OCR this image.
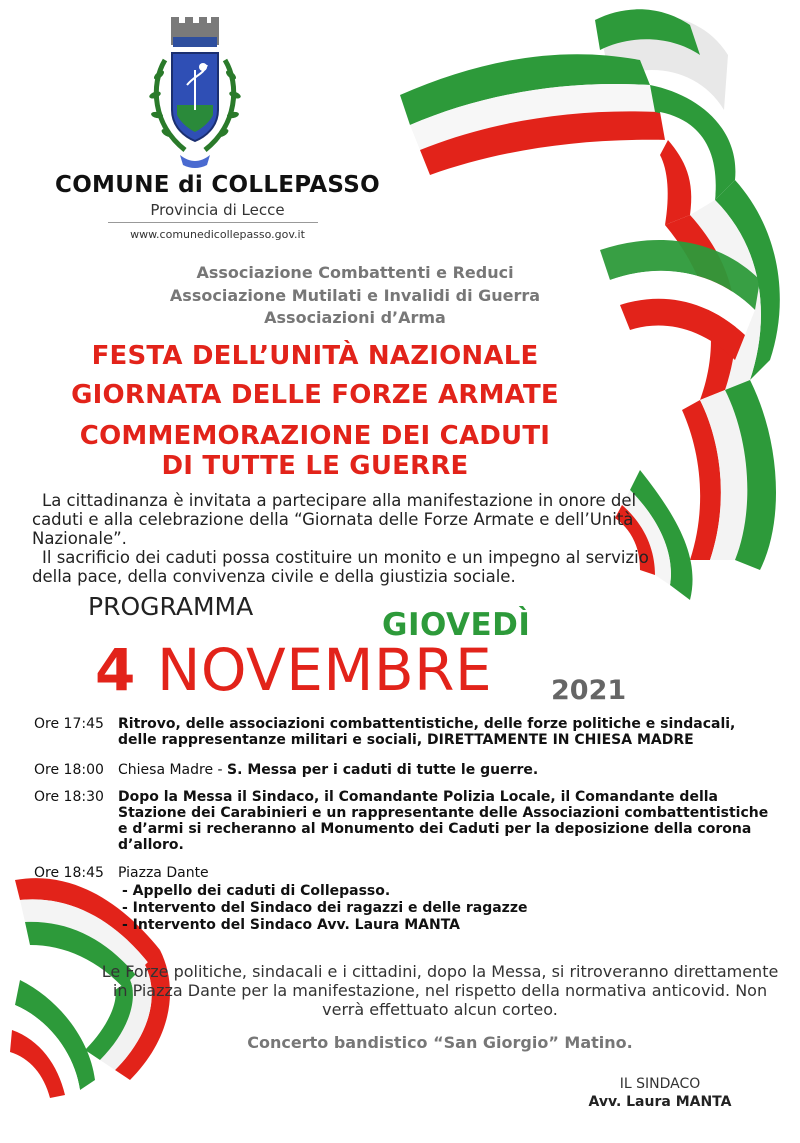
COMUNE di COLLEPASSO
Provincia di Lecce
www.comunedicollepasso.gov.it
Associazione Combattenti e Reduci
Associazione Mutilati e Invalidi di Guerra
Associazioni d’Arma
FESTA DELL’UNITÀ NAZIONALE
GIORNATA DELLE FORZE ARMATE
COMMEMORAZIONE DEI CADUTI
DI TUTTE LE GUERRE

La cittadinanza è invitata a partecipare alla manifestazione in onore del caduti e alla celebrazione della “Giornata delle Forze Armate e dell’Unità Nazionale”.

Il sacrificio dei caduti possa costituire un monito e un impegno al servizio della pace, della convivenza civile e della giustizia sociale.

PROGRAMMA
GIOVEDÌ
4 NOVEMBRE 2021
Ore 17:45	Ritrovo, delle associazioni combattentistiche, delle forze politiche e sindacali, delle rappresentanze militari e sociali, DIRETTAMENTE IN CHIESA MADRE
Ore 18:00	Chiesa Madre - S. Messa per i caduti di tutte le guerre.
Ore 18:30	Dopo la Messa il Sindaco, il Comandante Polizia Locale, il Comandante della Stazione dei Carabinieri e un rappresentante delle Associazioni combattentistiche e d’armi si recheranno al Monumento dei Caduti per la deposizione della corona d’alloro.
Ore 18:45	Piazza Dante
- Appello dei caduti di Collepasso.
- Intervento del Sindaco dei ragazzi e delle ragazze
- Intervento del Sindaco Avv. Laura MANTA
Le Forze politiche, sindacali e i cittadini, dopo la Messa, si ritroveranno direttamente in Piazza Dante per la manifestazione, nel rispetto della normativa anticovid. Non verrà effettuato alcun corteo.
Concerto bandistico “San Giorgio” Matino.
IL SINDACO
Avv. Laura MANTA
